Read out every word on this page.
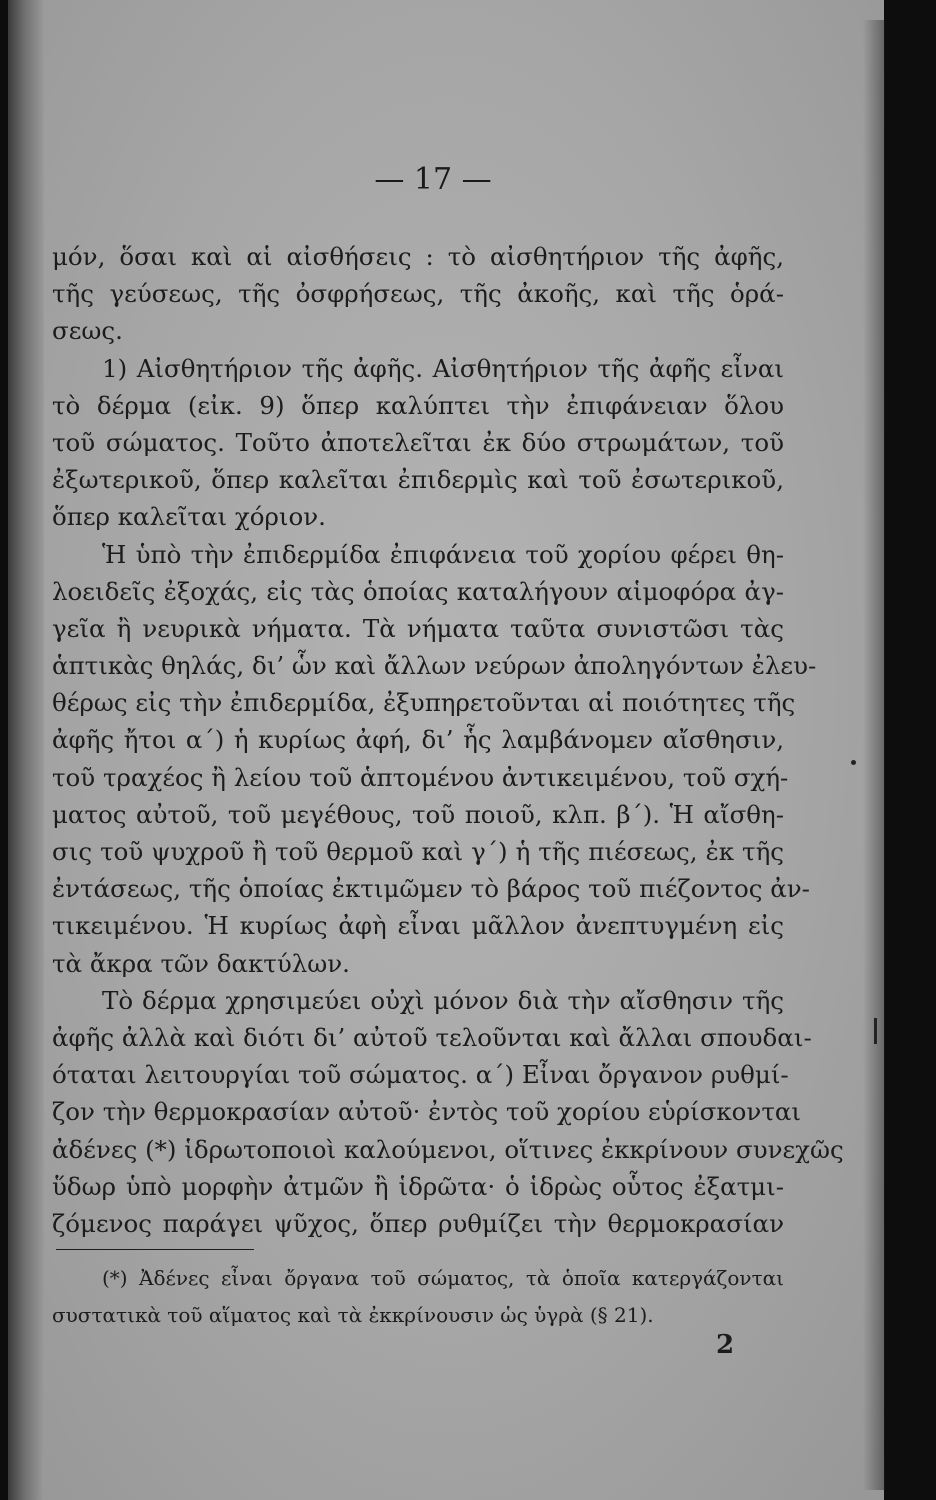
— 17 —
μόν, ὅσαι καὶ αἱ αἰσθήσεις : τὸ αἰσθητήριον τῆς ἀφῆς,
τῆς γεύσεως, τῆς ὀσφρήσεως, τῆς ἀκοῆς, καὶ τῆς ὁρά-
σεως.
1) Αἰσθητήριον τῆς ἀφῆς. Αἰσθητήριον τῆς ἀφῆς εἶναι
τὸ δέρμα (εἰκ. 9) ὅπερ καλύπτει τὴν ἐπιφάνειαν ὅλου
τοῦ σώματος. Τοῦτο ἀποτελεῖται ἐκ δύο στρωμάτων, τοῦ
ἐξωτερικοῦ, ὅπερ καλεῖται ἐπιδερμὶς καὶ τοῦ ἐσωτερικοῦ,
ὅπερ καλεῖται χόριον.
Ἡ ὑπὸ τὴν ἐπιδερμίδα ἐπιφάνεια τοῦ χορίου φέρει θη-
λοειδεῖς ἐξοχάς, εἰς τὰς ὁποίας καταλήγουν αἱμοφόρα ἀγ-
γεῖα ἢ νευρικὰ νήματα. Τὰ νήματα ταῦτα συνιστῶσι τὰς
ἁπτικὰς θηλάς, δι’ ὧν καὶ ἄλλων νεύρων ἀποληγόντων ἐλευ-
θέρως εἰς τὴν ἐπιδερμίδα, ἐξυπηρετοῦνται αἱ ποιότητες τῆς
ἀφῆς ἤτοι α΄) ἡ κυρίως ἀφή, δι’ ἧς λαμβάνομεν αἴσθησιν,
τοῦ τραχέος ἢ λείου τοῦ ἁπτομένου ἀντικειμένου, τοῦ σχή-
ματος αὐτοῦ, τοῦ μεγέθους, τοῦ ποιοῦ, κλπ. β΄). Ἡ αἴσθη-
σις τοῦ ψυχροῦ ἢ τοῦ θερμοῦ καὶ γ΄) ἡ τῆς πιέσεως, ἐκ τῆς
ἐντάσεως, τῆς ὁποίας ἐκτιμῶμεν τὸ βάρος τοῦ πιέζοντος ἀν-
τικειμένου. Ἡ κυρίως ἀφὴ εἶναι μᾶλλον ἀνεπτυγμένη εἰς
τὰ ἄκρα τῶν δακτύλων.
Τὸ δέρμα χρησιμεύει οὐχὶ μόνον διὰ τὴν αἴσθησιν τῆς
ἀφῆς ἀλλὰ καὶ διότι δι’ αὐτοῦ τελοῦνται καὶ ἄλλαι σπουδαι-
όταται λειτουργίαι τοῦ σώματος. α΄) Εἶναι ὄργανον ρυθμί-
ζον τὴν θερμοκρασίαν αὐτοῦ· ἐντὸς τοῦ χορίου εὑρίσκονται
ἀδένες (*) ἱδρωτοποιοὶ καλούμενοι, οἵτινες ἐκκρίνουν συνεχῶς
ὕδωρ ὑπὸ μορφὴν ἀτμῶν ἢ ἱδρῶτα· ὁ ἱδρὼς οὗτος ἐξατμι-
ζόμενος παράγει ψῦχος, ὅπερ ρυθμίζει τὴν θερμοκρασίαν
(*) Ἀδένες εἶναι ὄργανα τοῦ σώματος, τὰ ὁποῖα κατεργάζονται
συστατικὰ τοῦ αἵματος καὶ τὰ ἐκκρίνουσιν ὡς ὑγρὰ (§ 21).
2
